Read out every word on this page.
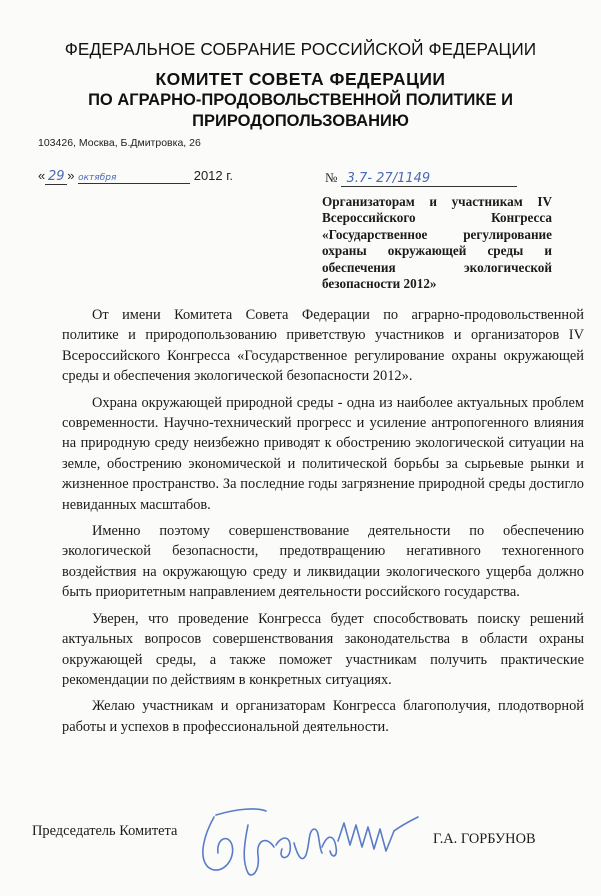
ФЕДЕРАЛЬНОЕ СОБРАНИЕ РОССИЙСКОЙ ФЕДЕРАЦИИ
КОМИТЕТ СОВЕТА ФЕДЕРАЦИИ
ПО АГРАРНО-ПРОДОВОЛЬСТВЕННОЙ ПОЛИТИКЕ И
ПРИРОДОПОЛЬЗОВАНИЮ
103426, Москва, Б.Дмитровка, 26
« 29 » октября	2012 г.	№ 3.7- 27/1149
Организаторам и участникам IV Всероссийского Конгресса «Государственное регулирование охраны окружающей среды и обеспечения экологической безопасности 2012»

От имени Комитета Совета Федерации по аграрно-продовольственной политике и природопользованию приветствую участников и организаторов IV Всероссийского Конгресса «Государственное регулирование охраны окружающей среды и обеспечения экологической безопасности 2012».

Охрана окружающей природной среды - одна из наиболее актуальных проблем современности. Научно-технический прогресс и усиление антропогенного влияния на природную среду неизбежно приводят к обострению экологической ситуации на земле, обострению экономической и политической борьбы за сырьевые рынки и жизненное пространство. За последние годы загрязнение природной среды достигло невиданных масштабов.

Именно поэтому совершенствование деятельности по обеспечению экологической безопасности, предотвращению негативного техногенного воздействия на окружающую среду и ликвидации экологического ущерба должно быть приоритетным направлением деятельности российского государства.

Уверен, что проведение Конгресса будет способствовать поиску решений актуальных вопросов совершенствования законодательства в области охраны окружающей среды, а также поможет участникам получить практические рекомендации по действиям в конкретных ситуациях.

Желаю участникам и организаторам Конгресса благополучия, плодотворной работы и успехов в профессиональной деятельности.

Председатель Комитета	Г.А. ГОРБУНОВ
